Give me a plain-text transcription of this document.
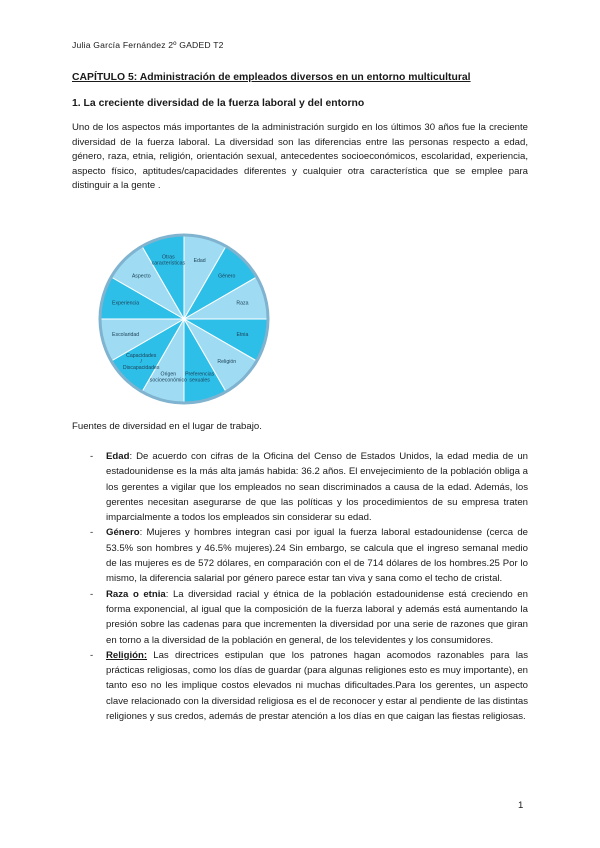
Julia García Fernández 2º GADED T2
CAPÍTULO 5: Administración de empleados diversos en un entorno multicultural
1. La creciente diversidad de la fuerza laboral y del entorno

Uno de los aspectos más importantes de la administración surgido en los últimos 30 años fue la creciente diversidad de la fuerza laboral. La diversidad son las diferencias entre las personas respecto a edad, género, raza, etnia, religión, orientación sexual, antecedentes socioeconómicos, escolaridad, experiencia, aspecto físico, aptitudes/capacidades diferentes y cualquier otra característica que se emplee para distinguir a la gente .

Edad
Género
Raza
Etnia
Religión
Preferencias sexuales
Origen socioeconómico
Capacidades / Discapacidades
Escolaridad
Experiencia
Aspecto
Otras características
Fuentes de diversidad en el lugar de trabajo.
- Edad: De acuerdo con cifras de la Oficina del Censo de Estados Unidos, la edad media de un estadounidense es la más alta jamás habida: 36.2 años. El envejecimiento de la población obliga a los gerentes a vigilar que los empleados no sean discriminados a causa de la edad. Además, los gerentes necesitan asegurarse de que las políticas y los procedimientos de su empresa traten imparcialmente a todos los empleados sin considerar su edad.
- Género: Mujeres y hombres integran casi por igual la fuerza laboral estadounidense (cerca de 53.5% son hombres y 46.5% mujeres).24 Sin embargo, se calcula que el ingreso semanal medio de las mujeres es de 572 dólares, en comparación con el de 714 dólares de los hombres.25 Por lo mismo, la diferencia salarial por género parece estar tan viva y sana como el techo de cristal.
- Raza o etnia: La diversidad racial y étnica de la población estadounidense está creciendo en forma exponencial, al igual que la composición de la fuerza laboral y además está aumentando la presión sobre las cadenas para que incrementen la diversidad por una serie de razones que giran en torno a la diversidad de la población en general, de los televidentes y los consumidores.
- Religión: Las directrices estipulan que los patrones hagan acomodos razonables para las prácticas religiosas, como los días de guardar (para algunas religiones esto es muy importante), en tanto eso no les implique costos elevados ni muchas dificultades.Para los gerentes, un aspecto clave relacionado con la diversidad religiosa es el de reconocer y estar al pendiente de las distintas religiones y sus credos, además de prestar atención a los días en que caigan las fiestas religiosas.
1
